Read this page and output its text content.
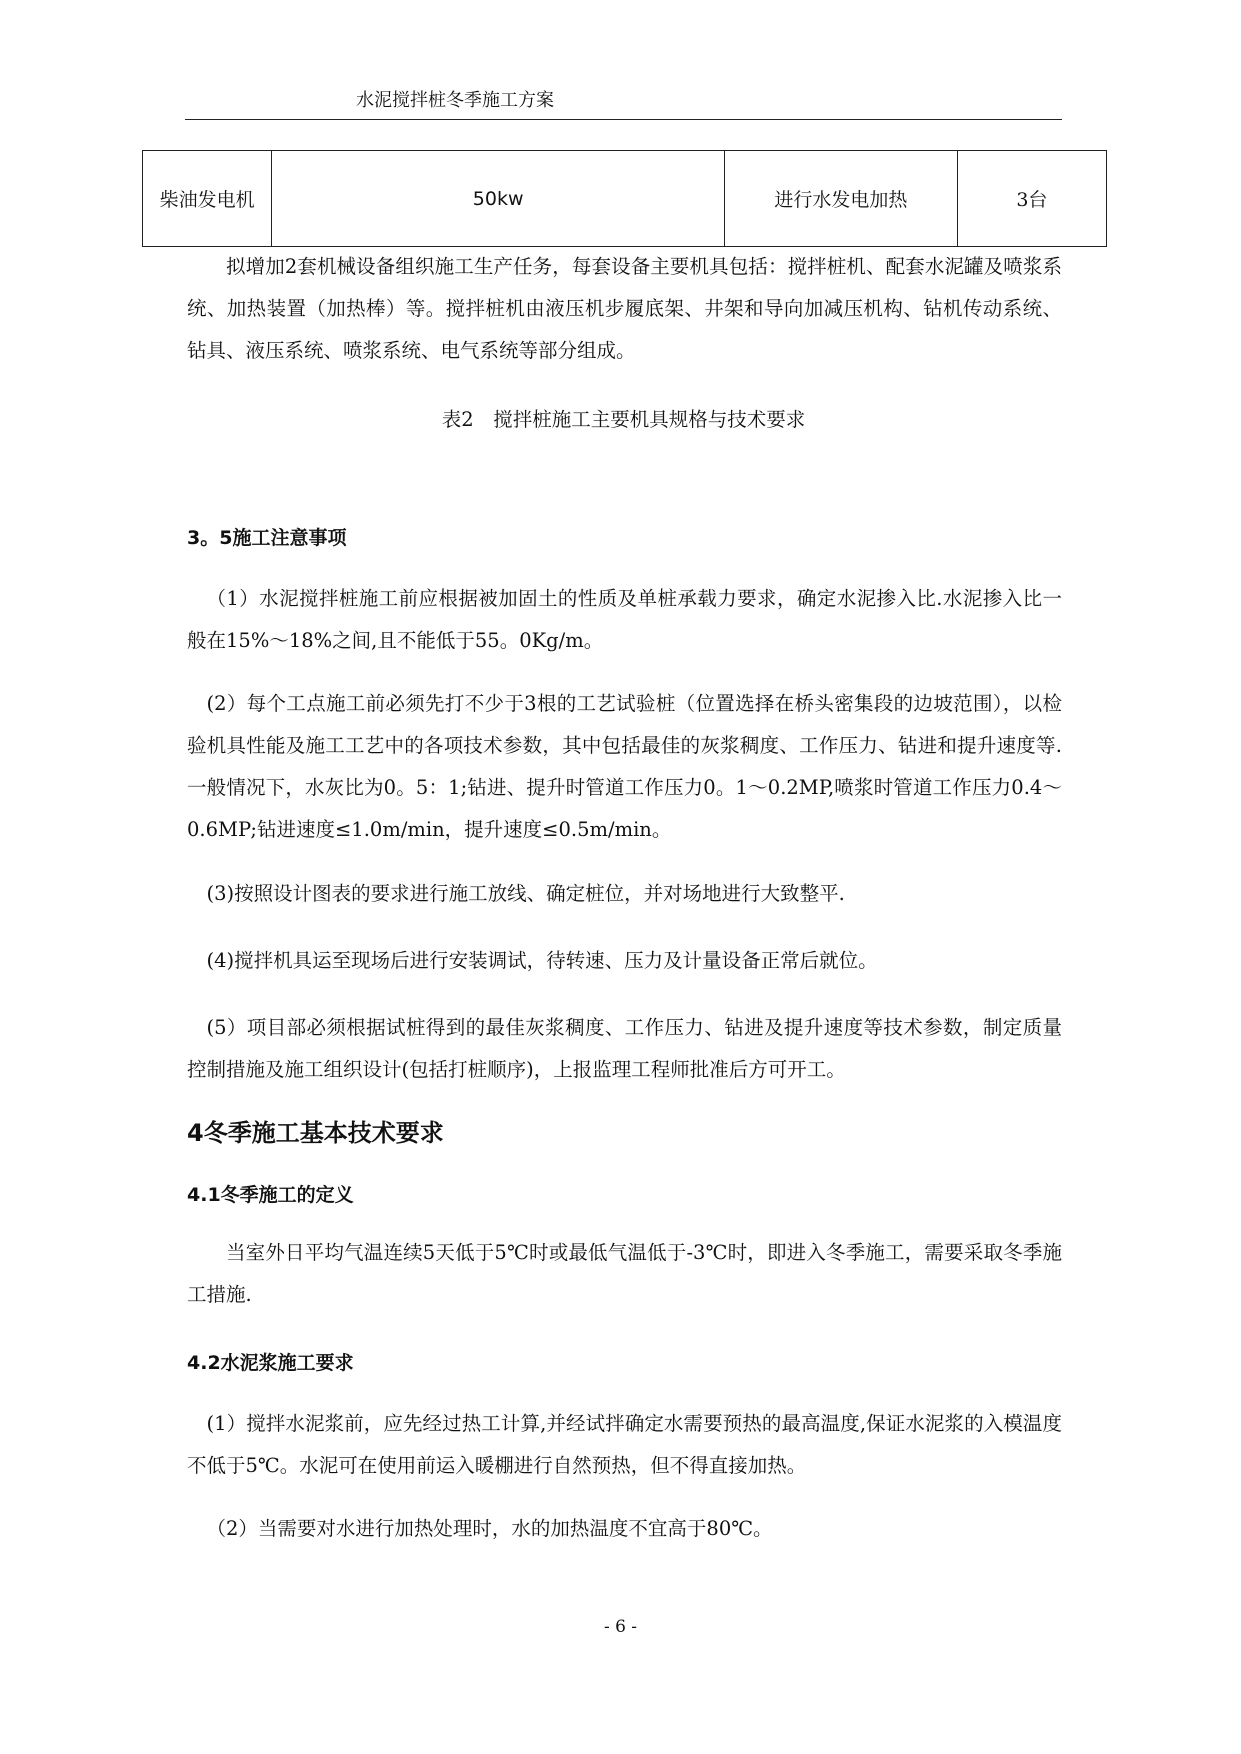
水泥搅拌桩冬季施工方案
柴油发电机	50kw	进行水发电加热	3台

拟增加2套机械设备组织施工生产任务，每套设备主要机具包括：搅拌桩机、配套水泥罐及喷浆系统、加热装置（加热棒）等。搅拌桩机由液压机步履底架、井架和导向加减压机构、钻机传动系统、钻具、液压系统、喷浆系统、电气系统等部分组成。

表2　搅拌桩施工主要机具规格与技术要求
3。5施工注意事项

（1）水泥搅拌桩施工前应根据被加固土的性质及单桩承载力要求，确定水泥掺入比.水泥掺入比一般在15%～18%之间,且不能低于55。0Kg/m。

(2）每个工点施工前必须先打不少于3根的工艺试验桩（位置选择在桥头密集段的边坡范围），以检验机具性能及施工工艺中的各项技术参数，其中包括最佳的灰浆稠度、工作压力、钻进和提升速度等.一般情况下，水灰比为0。5：1;钻进、提升时管道工作压力0。1～0.2MP,喷浆时管道工作压力0.4～0.6MP;钻进速度≤1.0m/min，提升速度≤0.5m/min。

(3)按照设计图表的要求进行施工放线、确定桩位，并对场地进行大致整平.

(4)搅拌机具运至现场后进行安装调试，待转速、压力及计量设备正常后就位。

(5）项目部必须根据试桩得到的最佳灰浆稠度、工作压力、钻进及提升速度等技术参数，制定质量控制措施及施工组织设计(包括打桩顺序)，上报监理工程师批准后方可开工。

4冬季施工基本技术要求
4.1冬季施工的定义

当室外日平均气温连续5天低于5℃时或最低气温低于-3℃时，即进入冬季施工，需要采取冬季施工措施.

4.2水泥浆施工要求

(1）搅拌水泥浆前，应先经过热工计算,并经试拌确定水需要预热的最高温度,保证水泥浆的入模温度不低于5℃。水泥可在使用前运入暖棚进行自然预热，但不得直接加热。

（2）当需要对水进行加热处理时，水的加热温度不宜高于80℃。

- 6 -
